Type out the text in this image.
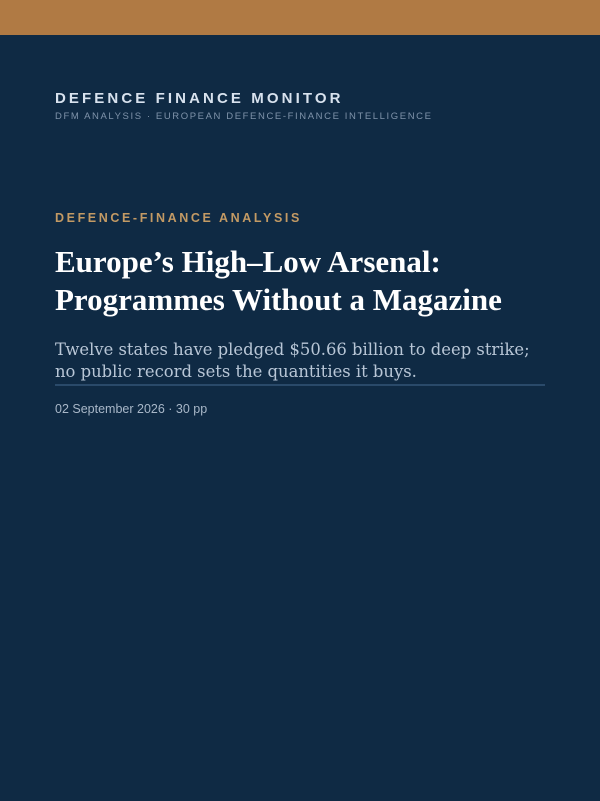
DEFENCE FINANCE MONITOR
DFM ANALYSIS · EUROPEAN DEFENCE-FINANCE INTELLIGENCE
DEFENCE-FINANCE ANALYSIS
Europe’s High–Low Arsenal: Programmes Without a Magazine
Twelve states have pledged $50.66 billion to deep strike; no public record sets the quantities it buys.
02 September 2026 · 30 pp
